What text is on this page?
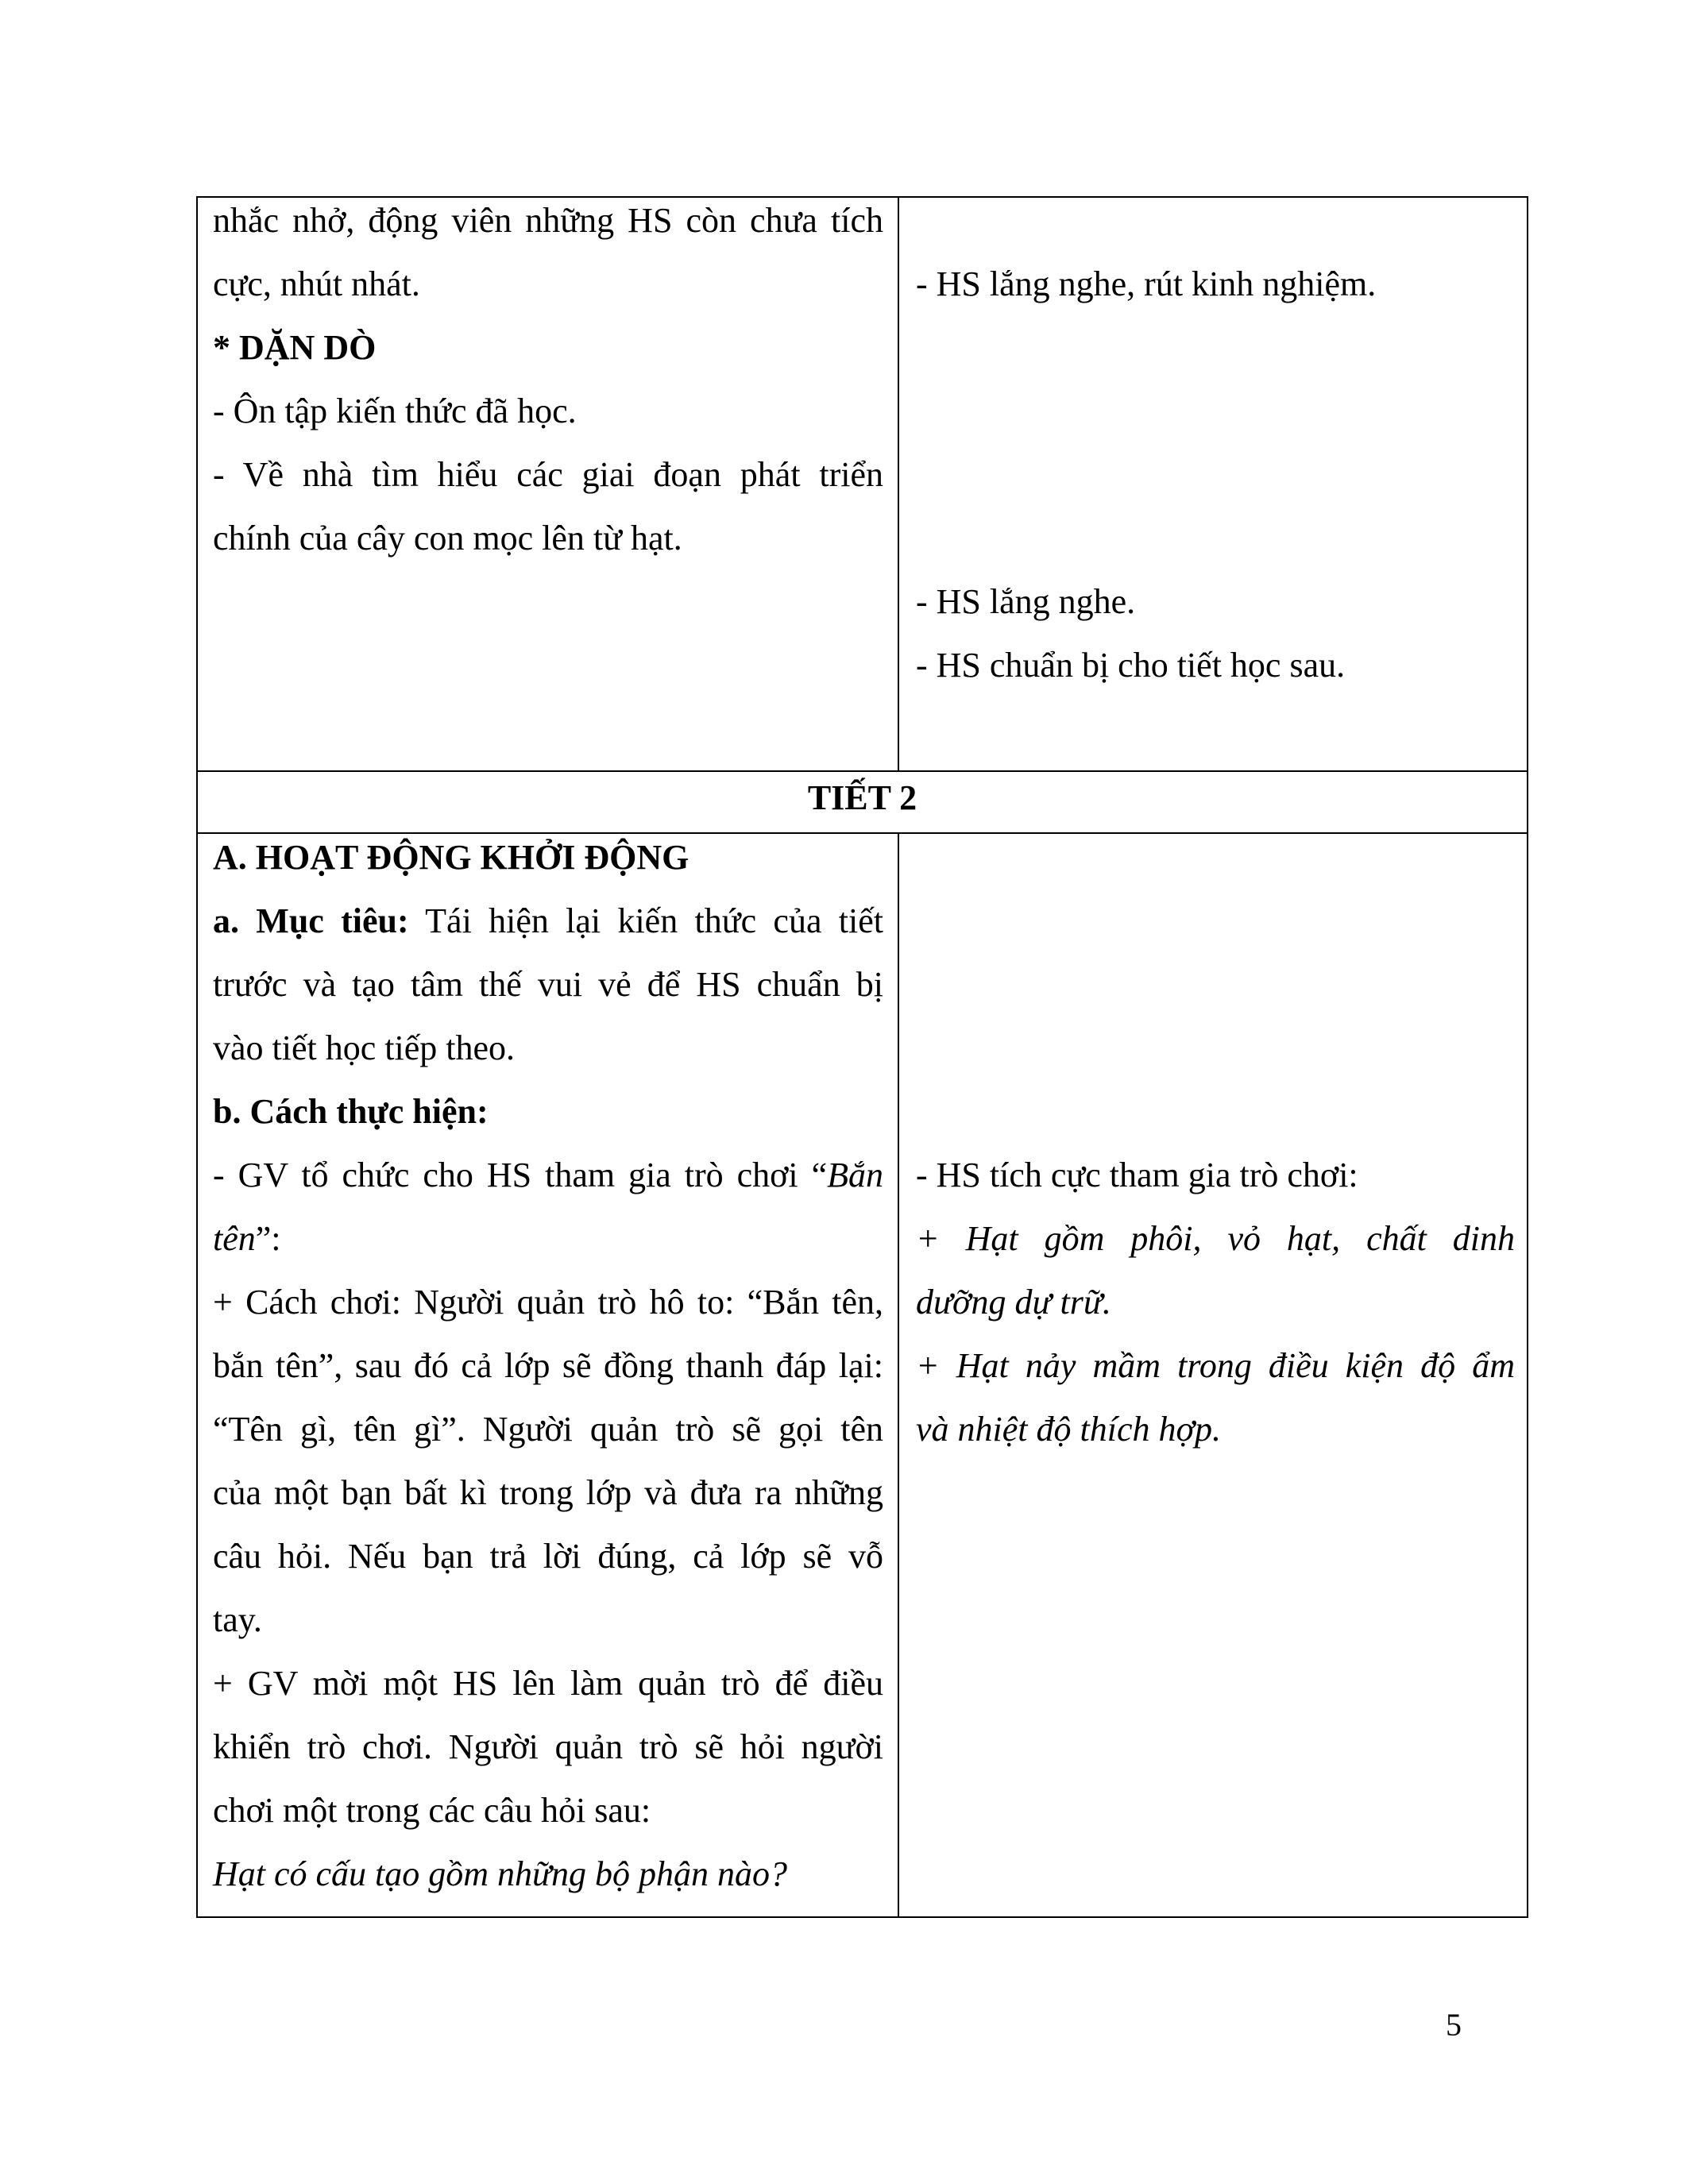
nhắc nhở, động viên những HS còn chưa tích
cực, nhút nhát.
* DẶN DÒ
- Ôn tập kiến thức đã học.
- Về nhà tìm hiểu các giai đoạn phát triển
chính của cây con mọc lên từ hạt.
- HS lắng nghe, rút kinh nghiệm.
- HS lắng nghe.
- HS chuẩn bị cho tiết học sau.
TIẾT 2
A. HOẠT ĐỘNG KHỞI ĐỘNG
a. Mục tiêu: Tái hiện lại kiến thức của tiết
trước và tạo tâm thế vui vẻ để HS chuẩn bị
vào tiết học tiếp theo.
b. Cách thực hiện:
- GV tổ chức cho HS tham gia trò chơi “Bắn
tên”:
+ Cách chơi: Người quản trò hô to: “Bắn tên,
bắn tên”, sau đó cả lớp sẽ đồng thanh đáp lại:
“Tên gì, tên gì”. Người quản trò sẽ gọi tên
của một bạn bất kì trong lớp và đưa ra những
câu hỏi. Nếu bạn trả lời đúng, cả lớp sẽ vỗ
tay.
+ GV mời một HS lên làm quản trò để điều
khiển trò chơi. Người quản trò sẽ hỏi người
chơi một trong các câu hỏi sau:
Hạt có cấu tạo gồm những bộ phận nào?
- HS tích cực tham gia trò chơi:
+ Hạt gồm phôi, vỏ hạt, chất dinh
dưỡng dự trữ.
+ Hạt nảy mầm trong điều kiện độ ẩm
và nhiệt độ thích hợp.
5
